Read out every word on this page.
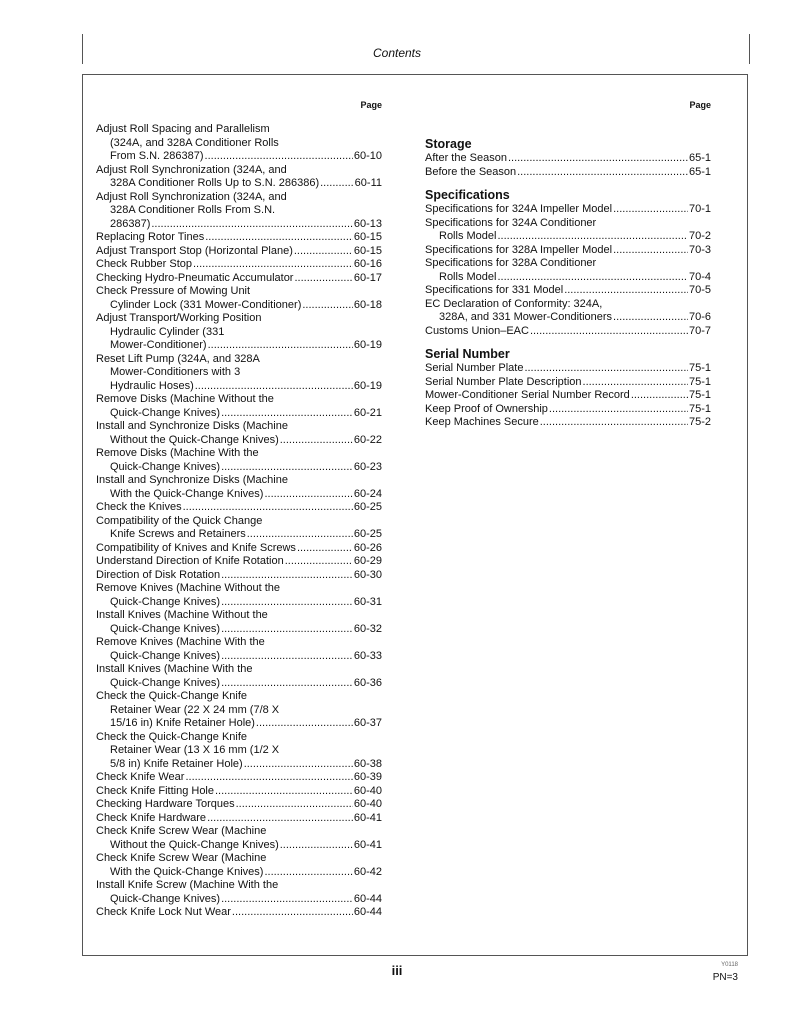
Contents
Page
Adjust Roll Spacing and Parallelism
(324A, and 328A Conditioner Rolls
From S.N. 286387) .....	60-10
Adjust Roll Synchronization (324A, and
328A Conditioner Rolls Up to S.N. 286386) .....	60-11
Adjust Roll Synchronization (324A, and
328A Conditioner Rolls From S.N.
286387) .....	60-13
Replacing Rotor Tines .....	60-15
Adjust Transport Stop (Horizontal Plane) .....	60-15
Check Rubber Stop .....	60-16
Checking Hydro-Pneumatic Accumulator .....	60-17
Check Pressure of Mowing Unit
Cylinder Lock (331 Mower-Conditioner) .....	60-18
Adjust Transport/Working Position
Hydraulic Cylinder (331
Mower-Conditioner) .....	60-19
Reset Lift Pump (324A, and 328A
Mower-Conditioners with 3
Hydraulic Hoses) .....	60-19
Remove Disks (Machine Without the
Quick-Change Knives) .....	60-21
Install and Synchronize Disks (Machine
Without the Quick-Change Knives) .....	60-22
Remove Disks (Machine With the
Quick-Change Knives) .....	60-23
Install and Synchronize Disks (Machine
With the Quick-Change Knives) .....	60-24
Check the Knives .....	60-25
Compatibility of the Quick Change
Knife Screws and Retainers .....	60-25
Compatibility of Knives and Knife Screws .....	60-26
Understand Direction of Knife Rotation .....	60-29
Direction of Disk Rotation .....	60-30
Remove Knives (Machine Without the
Quick-Change Knives) .....	60-31
Install Knives (Machine Without the
Quick-Change Knives) .....	60-32
Remove Knives (Machine With the
Quick-Change Knives) .....	60-33
Install Knives (Machine With the
Quick-Change Knives) .....	60-36
Check the Quick-Change Knife
Retainer Wear (22 X 24 mm (7/8 X
15/16 in) Knife Retainer Hole) .....	60-37
Check the Quick-Change Knife
Retainer Wear (13 X 16 mm (1/2 X
5/8 in) Knife Retainer Hole) .....	60-38
Check Knife Wear .....	60-39
Check Knife Fitting Hole .....	60-40
Checking Hardware Torques .....	60-40
Check Knife Hardware .....	60-41
Check Knife Screw Wear (Machine
Without the Quick-Change Knives) .....	60-41
Check Knife Screw Wear (Machine
With the Quick-Change Knives) .....	60-42
Install Knife Screw (Machine With the
Quick-Change Knives) .....	60-44
Check Knife Lock Nut Wear .....	60-44
Page
Storage
After the Season .....	65-1
Before the Season .....	65-1
Specifications
Specifications for 324A Impeller Model .....	70-1
Specifications for 324A Conditioner
Rolls Model .....	70-2
Specifications for 328A Impeller Model .....	70-3
Specifications for 328A Conditioner
Rolls Model .....	70-4
Specifications for 331 Model .....	70-5
EC Declaration of Conformity: 324A,
328A, and 331 Mower-Conditioners .....	70-6
Customs Union–EAC .....	70-7
Serial Number
Serial Number Plate .....	75-1
Serial Number Plate Description .....	75-1
Mower-Conditioner Serial Number Record .....	75-1
Keep Proof of Ownership .....	75-1
Keep Machines Secure .....	75-2
iii	Y0118
PN=3
